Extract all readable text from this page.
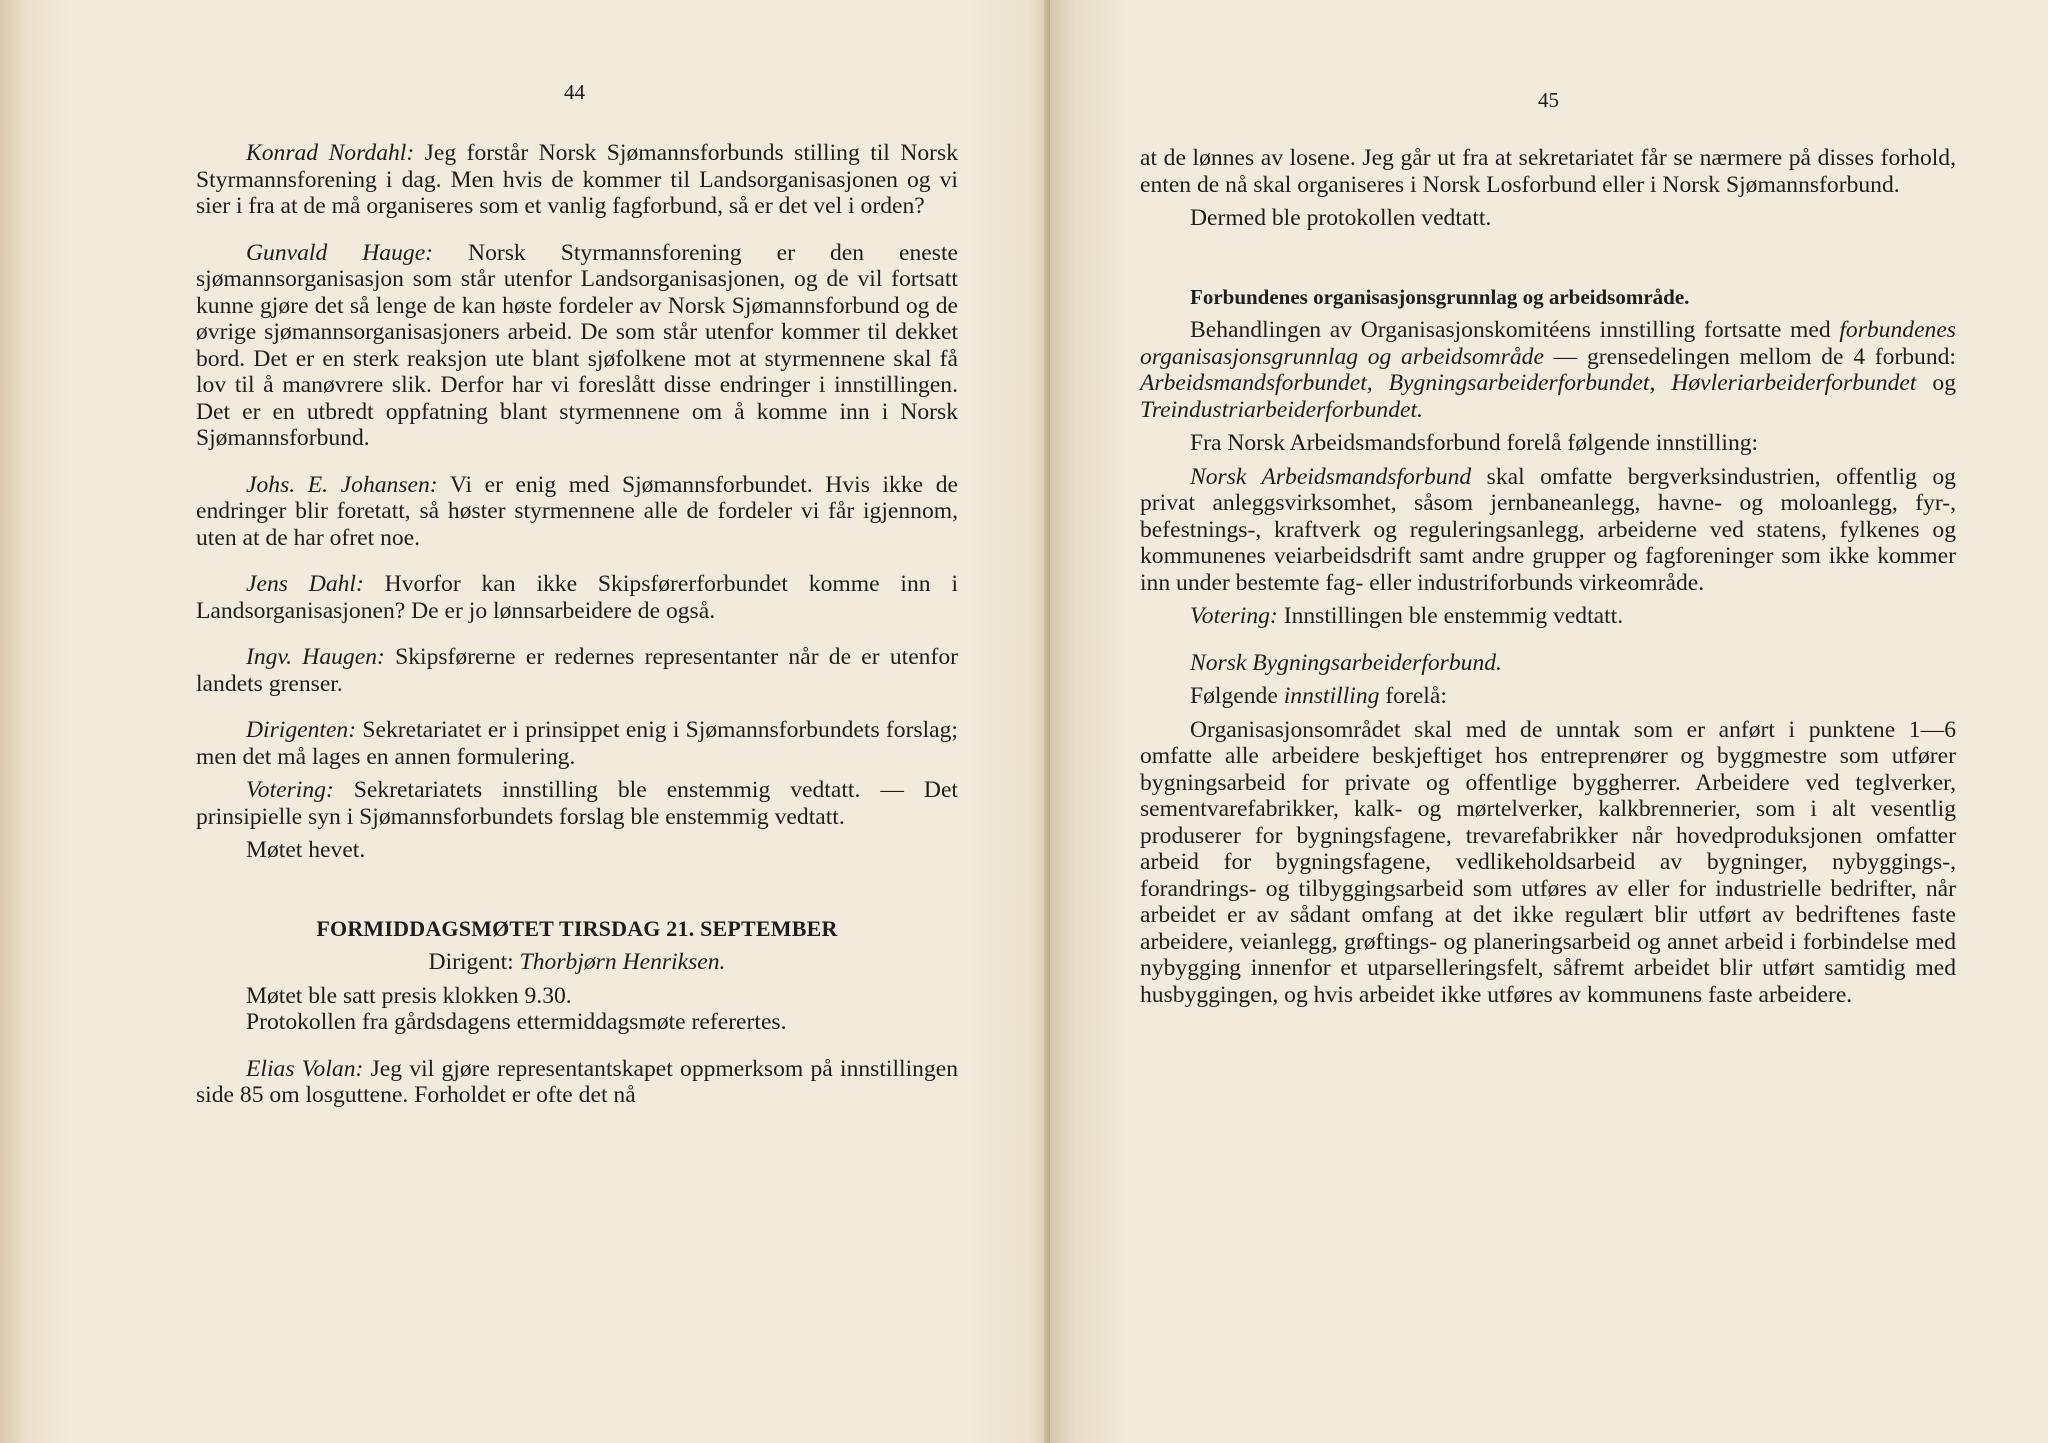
44

Konrad Nordahl: Jeg forstår Norsk Sjømannsforbunds stilling til Norsk Styrmannsforening i dag. Men hvis de kommer til Landsorganisasjonen og vi sier i fra at de må organiseres som et vanlig fagforbund, så er det vel i orden?

Gunvald Hauge: Norsk Styrmannsforening er den eneste sjømannsorganisasjon som står utenfor Landsorganisasjonen, og de vil fortsatt kunne gjøre det så lenge de kan høste fordeler av Norsk Sjømannsforbund og de øvrige sjømannsorganisasjoners arbeid. De som står utenfor kommer til dekket bord. Det er en sterk reaksjon ute blant sjøfolkene mot at styrmennene skal få lov til å manøvrere slik. Derfor har vi foreslått disse endringer i innstillingen. Det er en utbredt oppfatning blant styrmennene om å komme inn i Norsk Sjømannsforbund.

Johs. E. Johansen: Vi er enig med Sjømannsforbundet. Hvis ikke de endringer blir foretatt, så høster styrmennene alle de fordeler vi får igjennom, uten at de har ofret noe.

Jens Dahl: Hvorfor kan ikke Skipsførerforbundet komme inn i Landsorganisasjonen? De er jo lønnsarbeidere de også.

Ingv. Haugen: Skipsførerne er redernes representanter når de er utenfor landets grenser.

Dirigenten: Sekretariatet er i prinsippet enig i Sjømannsforbundets forslag; men det må lages en annen formulering.

Votering: Sekretariatets innstilling ble enstemmig vedtatt. — Det prinsipielle syn i Sjømannsforbundets forslag ble enstemmig vedtatt.

Møtet hevet.

FORMIDDAGSMØTET TIRSDAG 21. SEPTEMBER

Dirigent: Thorbjørn Henriksen.

Møtet ble satt presis klokken 9.30.

Protokollen fra gårdsdagens ettermiddagsmøte referertes.

Elias Volan: Jeg vil gjøre representantskapet oppmerksom på innstillingen side 85 om losguttene. Forholdet er ofte det nå

45

at de lønnes av losene. Jeg går ut fra at sekretariatet får se nærmere på disses forhold, enten de nå skal organiseres i Norsk Losforbund eller i Norsk Sjømannsforbund.

Dermed ble protokollen vedtatt.

Forbundenes organisasjonsgrunnlag og arbeidsområde.

Behandlingen av Organisasjonskomitéens innstilling fortsatte med forbundenes organisasjonsgrunnlag og arbeidsområde — grensedelingen mellom de 4 forbund: Arbeidsmandsforbundet, Bygningsarbeiderforbundet, Høvleriarbeiderforbundet og Treindustriarbeiderforbundet.

Fra Norsk Arbeidsmandsforbund forelå følgende innstilling:

Norsk Arbeidsmandsforbund skal omfatte bergverksindustrien, offentlig og privat anleggsvirksomhet, såsom jernbaneanlegg, havne- og moloanlegg, fyr-, befestnings-, kraftverk og reguleringsanlegg, arbeiderne ved statens, fylkenes og kommunenes veiarbeidsdrift samt andre grupper og fagforeninger som ikke kommer inn under bestemte fag- eller industriforbunds virkeområde.

Votering: Innstillingen ble enstemmig vedtatt.

Norsk Bygningsarbeiderforbund.

Følgende innstilling forelå:

Organisasjonsområdet skal med de unntak som er anført i punktene 1—6 omfatte alle arbeidere beskjeftiget hos entreprenører og byggmestre som utfører bygningsarbeid for private og offentlige byggherrer. Arbeidere ved teglverker, sementvarefabrikker, kalk- og mørtelverker, kalkbrennerier, som i alt vesentlig produserer for bygningsfagene, trevarefabrikker når hovedproduksjonen omfatter arbeid for bygningsfagene, vedlikeholdsarbeid av bygninger, nybyggings-, forandrings- og tilbyggingsarbeid som utføres av eller for industrielle bedrifter, når arbeidet er av sådant omfang at det ikke regulært blir utført av bedriftenes faste arbeidere, veianlegg, grøftings- og planeringsarbeid og annet arbeid i forbindelse med nybygging innenfor et utparselleringsfelt, såfremt arbeidet blir utført samtidig med husbyggingen, og hvis arbeidet ikke utføres av kommunens faste arbeidere.
